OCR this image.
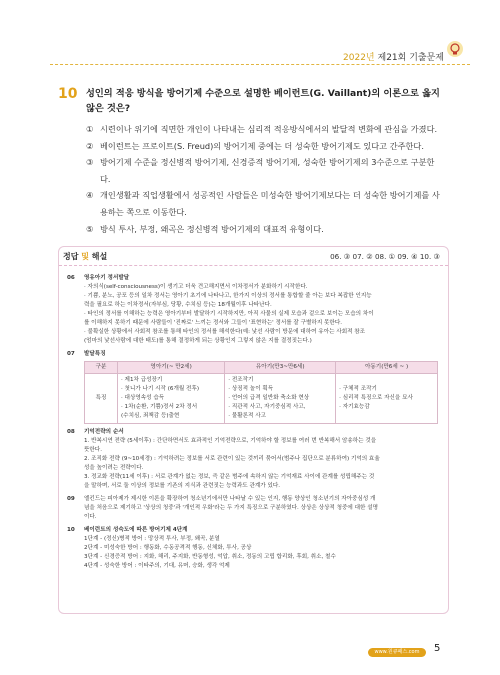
2022년 제21회 기출문제
10 성인의 적응 방식을 방어기제 수준으로 설명한 베이런트(G. Vaillant)의 이론으로 옳지 않은 것은?
① 시련이나 위기에 직면한 개인이 나타내는 심리적 적응방식에서의 발달적 변화에 관심을 가졌다.
② 베이런트는 프로이트(S. Freud)의 방어기제 중에는 더 성숙한 방어기제도 있다고 간주한다.
③ 방어기제 수준을 정신병적 방어기제, 신경증적 방어기제, 성숙한 방어기제의 3수준으로 구분한다.
④ 개인생활과 직업생활에서 성공적인 사람들은 미성숙한 방어기제보다는 더 성숙한 방어기제를 사용하는 쪽으로 이동한다.
⑤ 방식 투사, 부정, 왜곡은 정신병적 방어기제의 대표적 유형이다.
정답 및 해설	06. ③ 07. ② 08. ① 09. ④ 10. ③
06	영유아기 정서발달
· 자의식(self-consciousness)이 생기고 더욱 견고해지면서 이차정서가 분화하기 시작한다.
· 기쁨, 분노, 공포 등의 일차 정서는 영아기 초기에 나타나고, 한가지 이상의 정서를 통합할 줄 아는 보다 복잡한 인지능
력을 필요로 하는 이차정서(자부심, 당황, 수치심 등)는 18개월이후 나타난다.
· 타인의 정서를 이해하는 능력은 영아기부터 발달하기 시작하지만, 아직 사물의 실제 모습과 겉으로 보이는 모습의 차이
를 이해하지 못하기 때문에 사람들이 '진짜로' 느끼는 정서와 그들이 '표현하는' 정서를 잘 구별하지 못한다.
· 불확실한 상황에서 사회적 참조를 통해 타인의 정서를 해석한다(예: 낯선 사람이 방문에 대하여 유아는 사회적 참조
(엄마의 낯선사람에 대한 태도)를 통해 결정하게 되는 상황인지 그렇지 않은 지를 결정짓는다.)
07	발달특징
구분	영아기(~ 만2세)	유아기(만3~만6세)	아동기(만6세 ~ )
특징	· 제1차 급성장기
· 첫니가 나기 시작 (6개월 전후)
· 대상영속성 습득
· 1차(순환, 기쁨)정서 2차 정서
(수치심, 죄책감 등)출현	· 전조작기
· 상징적 놀이 획득
· 언어의 급격 일반화 축소화 현상
· 직관적 사고, 자기중심적 사고,
· 물활론적 사고	· 구체적 조작기
· 심리적 특징으로 자신을 묘사
· 자기효능감
08	기억전략의 순서
1. 반복시연 전략 (5세이후) : 간단하면서도 효과적인 기억전략으로, 기억하야 할 정보를 여러 번 반복해서 암송하는 것을
뜻한다.
2. 조직화 전략 (9~10세경) : 기억하려는 정보를 서로 관련이 있는 것끼리 묶어서(범주나 집단으로 분류하여) 기억의 효율
성을 높이려는 전략이다.
3. 정교화 전략(11세 이후) : 서로 관계가 없는 정보, 즉 같은 범주에 속하지 않는 기억재료 사이에 관계를 성립해주는 것
을 말하며, 서로 둘 이상의 정보를 기존의 지식과 관련짓는 능력과도 관계가 있다.
09	엘킨드는 피아제가 제시한 이론을 확장하여 청소년기에서만 나타날 수 있는 인지, 행동 양상인 청소년기의 자아중심성 개
념을 처음으로 제기하고 '상상의 청중'과 '개인적 우화'라는 두 가지 특징으로 구분하였다. 상상은 상상적 청중에 대한 설명
이다.
10	베이런트의 성숙도에 따른 방어기제 4단계
1단계 - (정신)병적 방어 : 망상적 투사, 부정, 왜곡, 분열
2단계 - 미성숙한 방어 : 행동화, 수동공격적 행동, 신체화, 투사, 공상
3단계 - 신경증적 방어 : 지화, 해리, 주지화, 반동형성, 억압, 취소, 정동의 고립 합리화, 후회, 취소, 철수
4단계 - 성숙한 방어 : 이타주의, 기대, 유머, 승화, 생각 억제
www.원큐패스.com	5
